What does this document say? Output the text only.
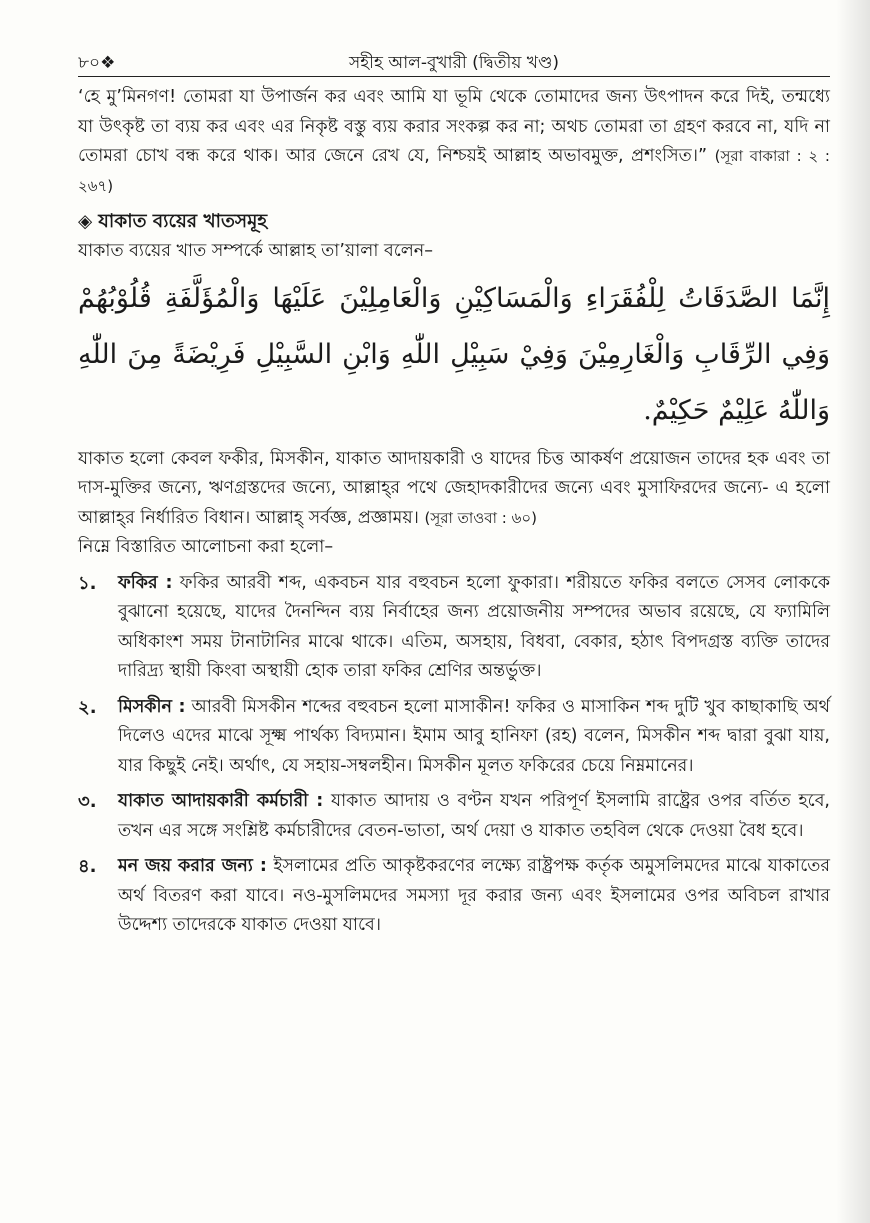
৮০❖	সহীহ আল-বুখারী (দ্বিতীয় খণ্ড)

‘হে মু’মিনগণ! তোমরা যা উপার্জন কর এবং আমি যা ভূমি থেকে তোমাদের জন্য উৎপাদন করে দিই, তন্মধ্যে যা উৎকৃষ্ট তা ব্যয় কর এবং এর নিকৃষ্ট বস্তু ব্যয় করার সংকল্প কর না; অথচ তোমরা তা গ্রহণ করবে না, যদি না তোমরা চোখ বন্ধ করে থাক। আর জেনে রেখ যে, নিশ্চয়ই আল্লাহ অভাবমুক্ত, প্রশংসিত।” (সূরা বাকারা : ২ : ২৬৭)

◈ যাকাত ব্যয়ের খাতসমূহ

যাকাত ব্যয়ের খাত সম্পর্কে আল্লাহ তা’য়ালা বলেন–

إِنَّمَا الصَّدَقَاتُ لِلْفُقَرَاءِ وَالْمَسَاكِيْنِ وَالْعَامِلِيْنَ عَلَيْهَا وَالْمُؤَلَّفَةِ قُلُوْبُهُمْ وَفِي الرِّقَابِ وَالْغَارِمِيْنَ وَفِيْ سَبِيْلِ اللّٰهِ وَابْنِ السَّبِيْلِ فَرِيْضَةً مِنَ اللّٰهِ وَاللّٰهُ عَلِيْمٌ حَكِيْمٌ.

যাকাত হলো কেবল ফকীর, মিসকীন, যাকাত আদায়কারী ও যাদের চিত্ত আকর্ষণ প্রয়োজন তাদের হক এবং তা দাস-মুক্তির জন্যে, ঋণগ্রস্তদের জন্যে, আল্লাহ্‌র পথে জেহাদকারীদের জন্যে এবং মুসাফিরদের জন্যে- এ হলো আল্লাহ্‌র নির্ধারিত বিধান। আল্লাহ্ সর্বজ্ঞ, প্রজ্ঞাময়। (সূরা তাওবা : ৬০)

নিম্নে বিস্তারিত আলোচনা করা হলো–

১.	ফকির : ফকির আরবী শব্দ, একবচন যার বহুবচন হলো ফুকারা। শরীয়তে ফকির বলতে সেসব লোককে বুঝানো হয়েছে, যাদের দৈনন্দিন ব্যয় নির্বাহের জন্য প্রয়োজনীয় সম্পদের অভাব রয়েছে, যে ফ্যামিলি অধিকাংশ সময় টানাটানির মাঝে থাকে। এতিম, অসহায়, বিধবা, বেকার, হঠাৎ বিপদগ্রস্ত ব্যক্তি তাদের দারিদ্র্য স্থায়ী কিংবা অস্থায়ী হোক তারা ফকির শ্রেণির অন্তর্ভুক্ত।
২.	মিসকীন : আরবী মিসকীন শব্দের বহুবচন হলো মাসাকীন! ফকির ও মাসাকিন শব্দ দুটি খুব কাছাকাছি অর্থ দিলেও এদের মাঝে সূক্ষ্ম পার্থক্য বিদ্যমান। ইমাম আবু হানিফা (রহ) বলেন, মিসকীন শব্দ দ্বারা বুঝা যায়, যার কিছুই নেই। অর্থাৎ, যে সহায়-সম্বলহীন। মিসকীন মূলত ফকিরের চেয়ে নিম্নমানের।
৩.	যাকাত আদায়কারী কর্মচারী : যাকাত আদায় ও বণ্টন যখন পরিপূর্ণ ইসলামি রাষ্ট্রের ওপর বর্তিত হবে, তখন এর সঙ্গে সংশ্লিষ্ট কর্মচারীদের বেতন-ভাতা, অর্থ দেয়া ও যাকাত তহবিল থেকে দেওয়া বৈধ হবে।
৪.	মন জয় করার জন্য : ইসলামের প্রতি আকৃষ্টকরণের লক্ষ্যে রাষ্ট্রপক্ষ কর্তৃক অমুসলিমদের মাঝে যাকাতের অর্থ বিতরণ করা যাবে। নও-মুসলিমদের সমস্যা দূর করার জন্য এবং ইসলামের ওপর অবিচল রাখার উদ্দেশ্য তাদেরকে যাকাত দেওয়া যাবে।
